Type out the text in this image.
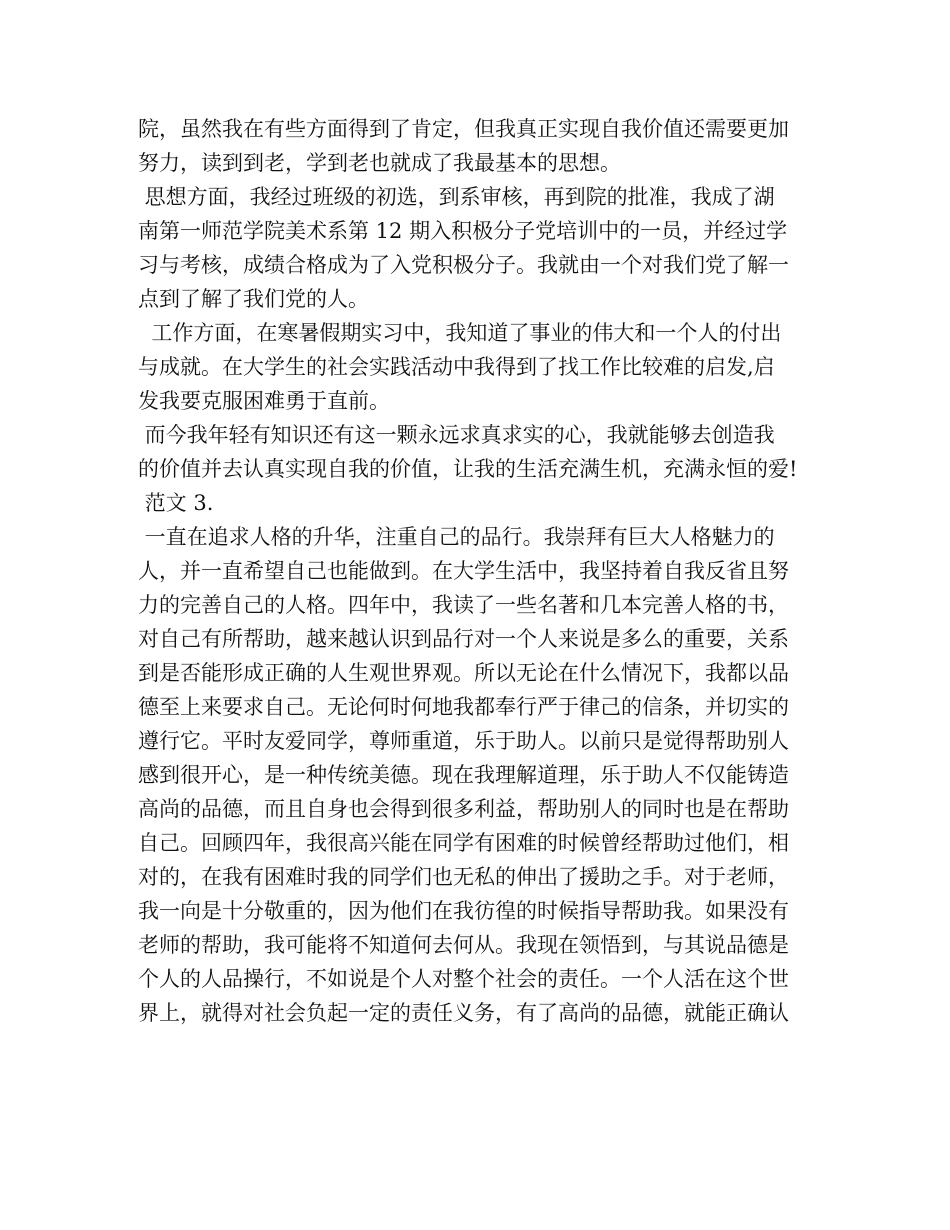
院，虽然我在有些方面得到了肯定，但我真正实现自我价值还需要更加
努力，读到到老，学到老也就成了我最基本的思想。
思想方面，我经过班级的初选，到系审核，再到院的批准，我成了湖
南第一师范学院美术系第 12 期入积极分子党培训中的一员，并经过学
习与考核，成绩合格成为了入党积极分子。我就由一个对我们党了解一
点到了解了我们党的人。
工作方面，在寒暑假期实习中，我知道了事业的伟大和一个人的付出
与成就。在大学生的社会实践活动中我得到了找工作比较难的启发,启
发我要克服困难勇于直前。
而今我年轻有知识还有这一颗永远求真求实的心，我就能够去创造我
的价值并去认真实现自我的价值，让我的生活充满生机，充满永恒的爱!
范文 3.
一直在追求人格的升华，注重自己的品行。我崇拜有巨大人格魅力的
人，并一直希望自己也能做到。在大学生活中，我坚持着自我反省且努
力的完善自己的人格。四年中，我读了一些名著和几本完善人格的书，
对自己有所帮助，越来越认识到品行对一个人来说是多么的重要，关系
到是否能形成正确的人生观世界观。所以无论在什么情况下，我都以品
德至上来要求自己。无论何时何地我都奉行严于律己的信条，并切实的
遵行它。平时友爱同学，尊师重道，乐于助人。以前只是觉得帮助别人
感到很开心，是一种传统美德。现在我理解道理，乐于助人不仅能铸造
高尚的品德，而且自身也会得到很多利益，帮助别人的同时也是在帮助
自己。回顾四年，我很高兴能在同学有困难的时候曾经帮助过他们，相
对的，在我有困难时我的同学们也无私的伸出了援助之手。对于老师，
我一向是十分敬重的，因为他们在我彷徨的时候指导帮助我。如果没有
老师的帮助，我可能将不知道何去何从。我现在领悟到，与其说品德是
个人的人品操行，不如说是个人对整个社会的责任。一个人活在这个世
界上，就得对社会负起一定的责任义务，有了高尚的品德，就能正确认
